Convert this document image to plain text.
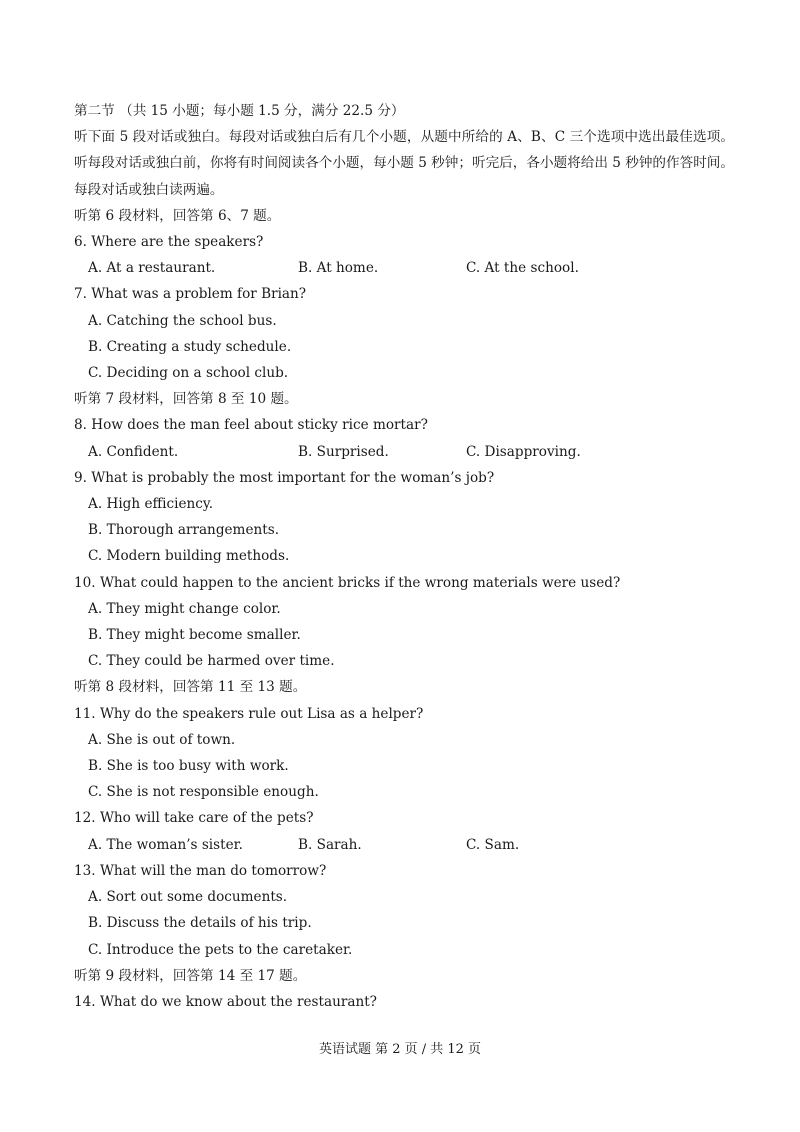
第二节 （共 15 小题；每小题 1.5 分，满分 22.5 分）
听下面 5 段对话或独白。每段对话或独白后有几个小题，从题中所给的 A、B、C 三个选项中选出最佳选项。听每段对话或独白前，你将有时间阅读各个小题，每小题 5 秒钟；听完后，各小题将给出 5 秒钟的作答时间。每段对话或独白读两遍。
听第 6 段材料，回答第 6、7 题。
6. Where are the speakers?
A. At a restaurant.	B. At home.	C. At the school.
7. What was a problem for Brian?
A. Catching the school bus.
B. Creating a study schedule.
C. Deciding on a school club.
听第 7 段材料，回答第 8 至 10 题。
8. How does the man feel about sticky rice mortar?
A. Confident.	B. Surprised.	C. Disapproving.
9. What is probably the most important for the woman’s job?
A. High efficiency.
B. Thorough arrangements.
C. Modern building methods.
10. What could happen to the ancient bricks if the wrong materials were used?
A. They might change color.
B. They might become smaller.
C. They could be harmed over time.
听第 8 段材料，回答第 11 至 13 题。
11. Why do the speakers rule out Lisa as a helper?
A. She is out of town.
B. She is too busy with work.
C. She is not responsible enough.
12. Who will take care of the pets?
A. The woman’s sister.	B. Sarah.	C. Sam.
13. What will the man do tomorrow?
A. Sort out some documents.
B. Discuss the details of his trip.
C. Introduce the pets to the caretaker.
听第 9 段材料，回答第 14 至 17 题。
14. What do we know about the restaurant?
英语试题 第 2 页 / 共 12 页
